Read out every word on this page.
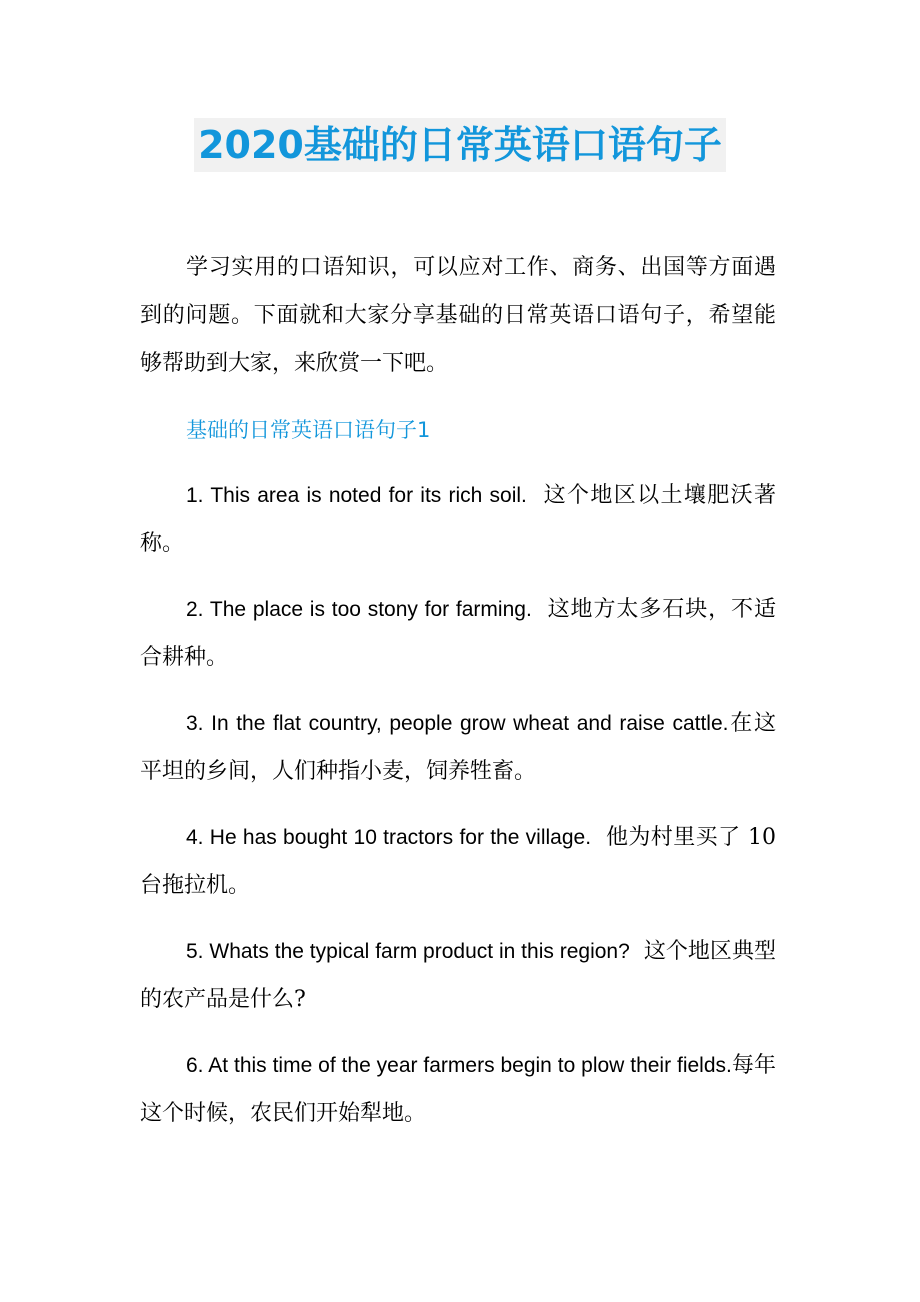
2020基础的日常英语口语句子

学习实用的口语知识，可以应对工作、商务、出国等方面遇到的问题。下面就和大家分享基础的日常英语口语句子，希望能够帮助到大家，来欣赏一下吧。

基础的日常英语口语句子1

1. This area is noted for its rich soil. 这个地区以土壤肥沃著称。

2. The place is too stony for farming. 这地方太多石块，不适合耕种。

3. In the flat country, people grow wheat and raise cattle.在这平坦的乡间，人们种指小麦，饲养牲畜。

4. He has bought 10 tractors for the village. 他为村里买了 10台拖拉机。

5. Whats the typical farm product in this region? 这个地区典型的农产品是什么?

6. At this time of the year farmers begin to plow their fields.每年这个时候，农民们开始犁地。
